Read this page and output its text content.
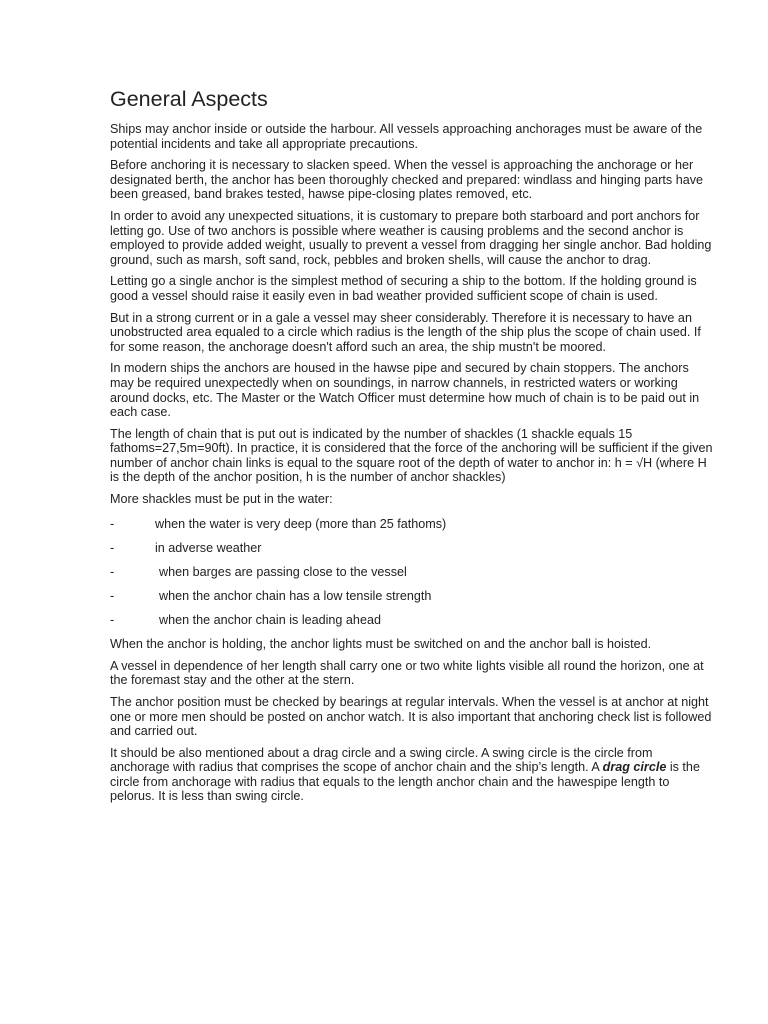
General Aspects

Ships may anchor inside or outside the harbour. All vessels approaching anchorages must be aware of the potential incidents and take all appropriate precautions.

Before anchoring it is necessary to slacken speed. When the vessel is approaching the anchorage or her designated berth, the anchor has been thoroughly checked and prepared: windlass and hinging parts have been greased, band brakes tested, hawse pipe-closing plates removed, etc.

In order to avoid any unexpected situations, it is customary to prepare both starboard and port anchors for letting go. Use of two anchors is possible where weather is causing problems and the second anchor is employed to provide added weight, usually to prevent a vessel from dragging her single anchor. Bad holding ground, such as marsh, soft sand, rock, pebbles and broken shells, will cause the anchor to drag.

Letting go a single anchor is the simplest method of securing a ship to the bottom. If the holding ground is good a vessel should raise it easily even in bad weather provided sufficient scope of chain is used.

But in a strong current or in a gale a vessel may sheer considerably. Therefore it is necessary to have an unobstructed area equaled to a circle which radius is the length of the ship plus the scope of chain used. If for some reason, the anchorage doesn't afford such an area, the ship mustn't be moored.

In modern ships the anchors are housed in the hawse pipe and secured by chain stoppers. The anchors may be required unexpectedly when on soundings, in narrow channels, in restricted waters or working around docks, etc. The Master or the Watch Officer must determine how much of chain is to be paid out in each case.

The length of chain that is put out is indicated by the number of shackles (1 shackle equals 15 fathoms=27,5m=90ft). In practice, it is considered that the force of the anchoring will be sufficient if the given number of anchor chain links is equal to the square root of the depth of water to anchor in: h = √H (where H is the depth of the anchor position, h is the number of anchor shackles)

More shackles must be put in the water:

-	when the water is very deep (more than 25 fathoms)
-	in adverse weather
-	when barges are passing close to the vessel
-	when the anchor chain has a low tensile strength
-	when the anchor chain is leading ahead

When the anchor is holding, the anchor lights must be switched on and the anchor ball is hoisted.

A vessel in dependence of her length shall carry one or two white lights visible all round the horizon, one at the foremast stay and the other at the stern.

The anchor position must be checked by bearings at regular intervals. When the vessel is at anchor at night one or more men should be posted on anchor watch. It is also important that anchoring check list is followed and carried out.

It should be also mentioned about a drag circle and a swing circle. A swing circle is the circle from anchorage with radius that comprises the scope of anchor chain and the ship’s length. A drag circle is the circle from anchorage with radius that equals to the length anchor chain and the hawespipe length to pelorus. It is less than swing circle.
